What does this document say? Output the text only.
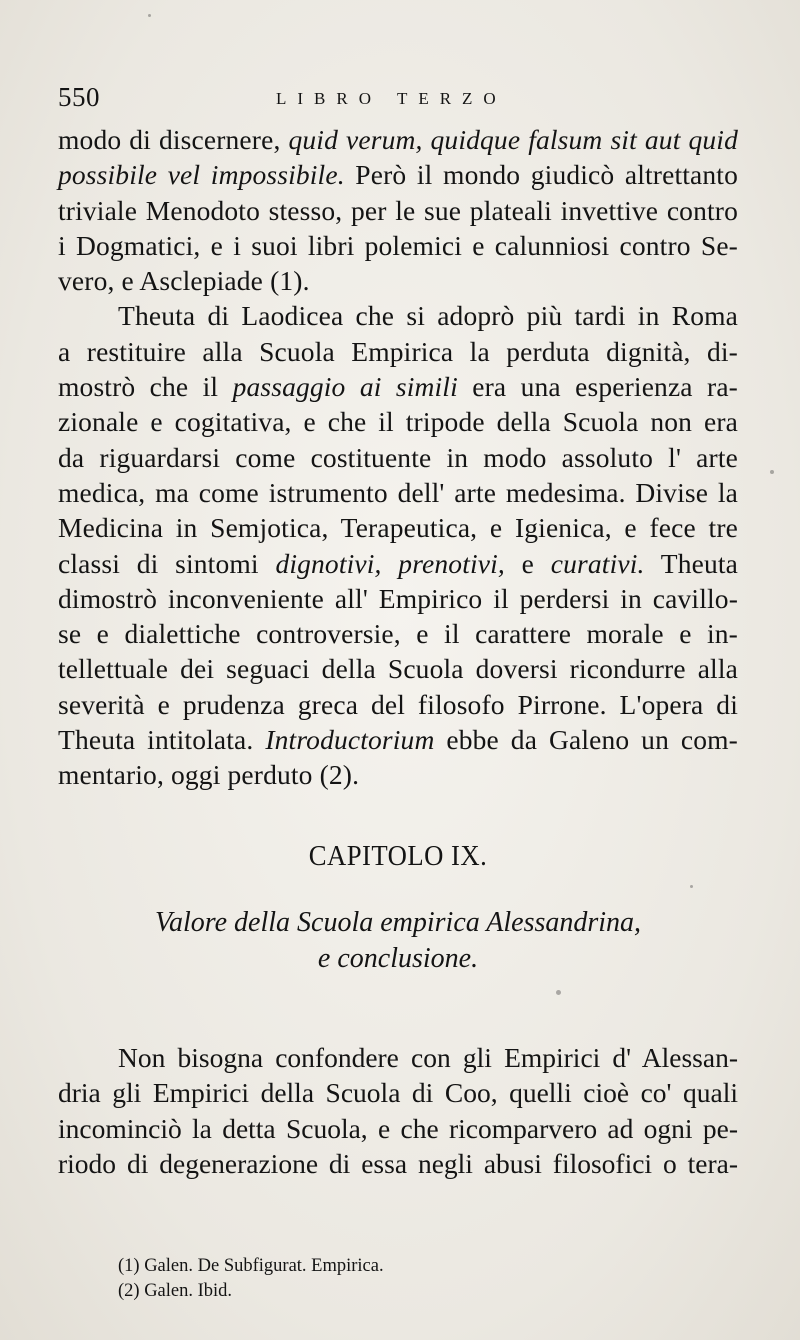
550	LIBRO TERZO
modo di discernere, quid verum, quidque falsum sit aut quid
possibile vel impossibile. Però il mondo giudicò altrettanto
triviale Menodoto stesso, per le sue plateali invettive contro
i Dogmatici, e i suoi libri polemici e calunniosi contro Se-
vero, e Asclepiade (1).
Theuta di Laodicea che si adoprò più tardi in Roma
a restituire alla Scuola Empirica la perduta dignità, di-
mostrò che il passaggio ai simili era una esperienza ra-
zionale e cogitativa, e che il tripode della Scuola non era
da riguardarsi come costituente in modo assoluto l' arte
medica, ma come istrumento dell' arte medesima. Divise la
Medicina in Semjotica, Terapeutica, e Igienica, e fece tre
classi di sintomi dignotivi, prenotivi, e curativi. Theuta
dimostrò inconveniente all' Empirico il perdersi in cavillo-
se e dialettiche controversie, e il carattere morale e in-
tellettuale dei seguaci della Scuola doversi ricondurre alla
severità e prudenza greca del filosofo Pirrone. L'opera di
Theuta intitolata. Introductorium ebbe da Galeno un com-
mentario, oggi perduto (2).
CAPITOLO IX.
Valore della Scuola empirica Alessandrina,
e conclusione.
Non bisogna confondere con gli Empirici d' Alessan-
dria gli Empirici della Scuola di Coo, quelli cioè co' quali
incominciò la detta Scuola, e che ricomparvero ad ogni pe-
riodo di degenerazione di essa negli abusi filosofici o tera-
(1) Galen. De Subfigurat. Empirica.
(2) Galen. Ibid.
